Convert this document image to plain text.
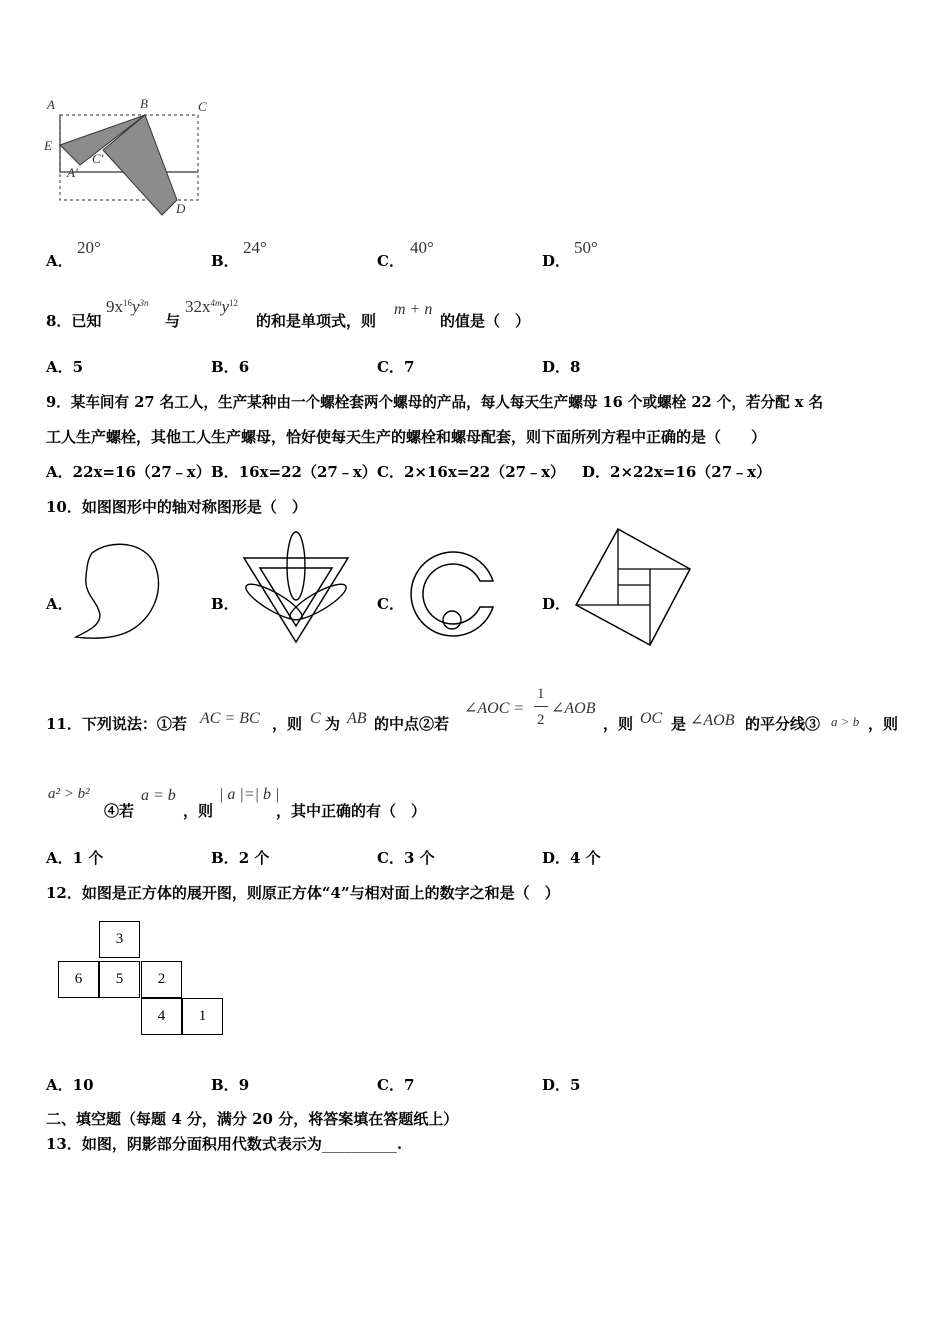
A	B	C
E
C'
A'
D
A．
20°
B．
24°
C．
40°
D．
50°
8．已知
$9x^{16}y^{3n}$
与
$32x^{4m}y^{12}$
的和是单项式，则
m + n
的值是（　）
A．5	B．6	C．7	D．8
9．某车间有 27 名工人，生产某种由一个螺栓套两个螺母的产品，每人每天生产螺母 16 个或螺栓 22 个，若分配 x 名
工人生产螺栓，其他工人生产螺母，恰好使每天生产的螺栓和螺母配套，则下面所列方程中正确的是（　　）
A．22x=16（27﹣x） B．16x=22（27﹣x） C．2×16x=22（27﹣x） D．2×22x=16（27﹣x）
10．如图图形中的轴对称图形是（　）
A．	B．	C．	D．
11．下列说法：①若 AC = BC ，则 C 为 AB 的中点②若
∠AOC =
1
2
∠AOB
，则 OC 是 ∠AOB 的平分线③ a > b ，则
a² > b²
④若
a = b
，则
| a |=| b |
，其中正确的有（　）
A．1 个	B．2 个	C．3 个	D．4 个
12．如图是正方体的展开图，则原正方体“4”与相对面上的数字之和是（　）
3
6	5	2
4	1
A．10	B．9	C．7	D．5
二、填空题（每题 4 分，满分 20 分，将答案填在答题纸上）
13．如图，阴影部分面积用代数式表示为__________.
